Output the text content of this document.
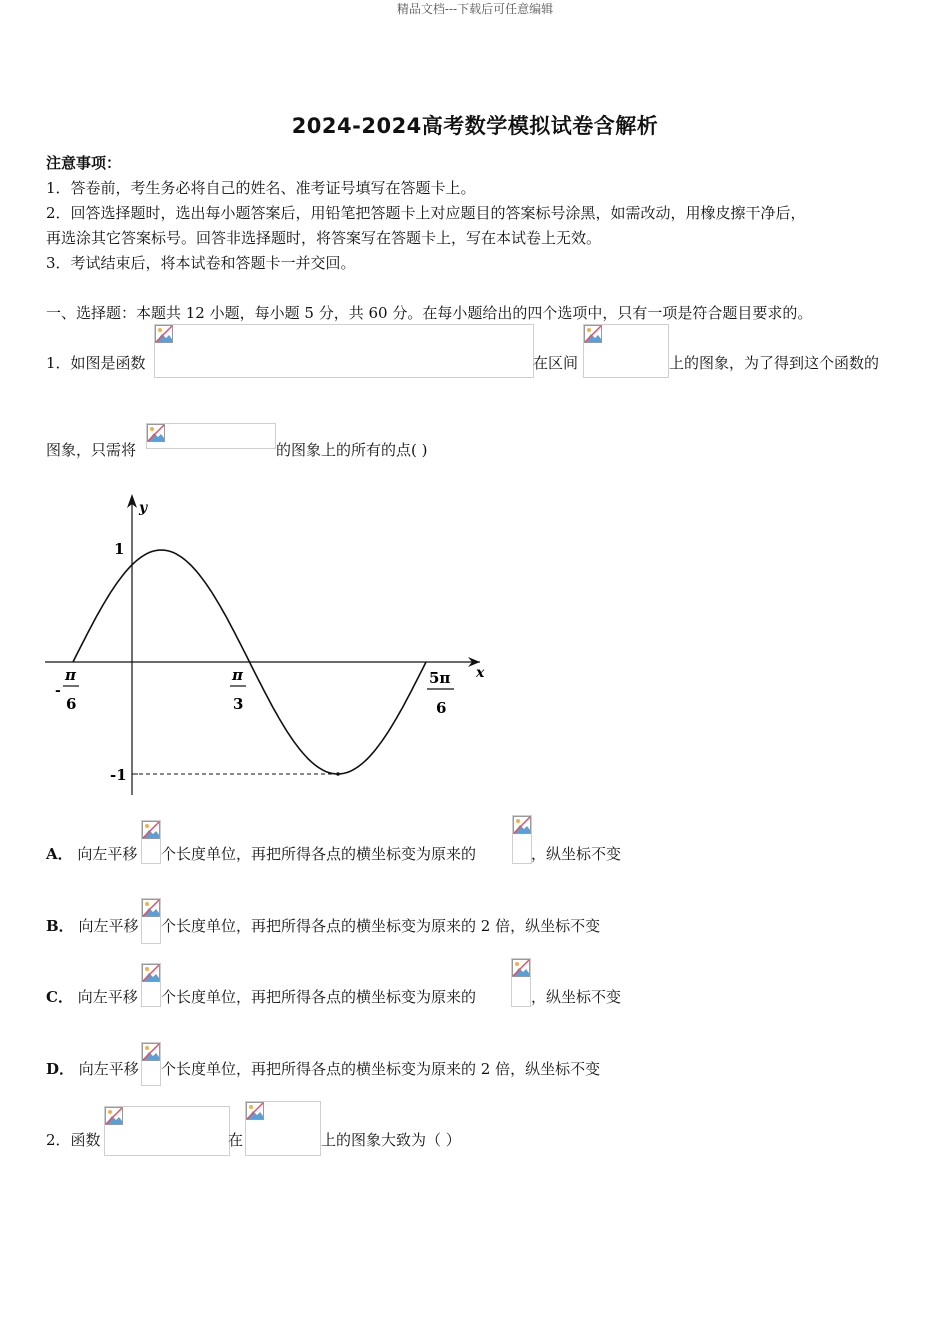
精品文档---下载后可任意编辑
2024-2024高考数学模拟试卷含解析
注意事项：
1．答卷前，考生务必将自己的姓名、准考证号填写在答题卡上。
2．回答选择题时，选出每小题答案后，用铅笔把答题卡上对应题目的答案标号涂黑，如需改动，用橡皮擦干净后，
再选涂其它答案标号。回答非选择题时，将答案写在答题卡上，写在本试卷上无效。
3．考试结束后，将本试卷和答题卡一并交回。
一、选择题：本题共 12 小题，每小题 5 分，共 60 分。在每小题给出的四个选项中，只有一项是符合题目要求的。
1．如图是函数	在区间	上的图象，为了得到这个函数的
图象，只需将	的图象上的所有的点( )
y
x
1
-1
-
π
6
π
3
5π
6
A． 向左平移 个长度单位，再把所得各点的横坐标变为原来的	，纵坐标不变
B． 向左平移 个长度单位，再把所得各点的横坐标变为原来的 2 倍，纵坐标不变
C． 向左平移 个长度单位，再把所得各点的横坐标变为原来的	，纵坐标不变
D． 向左平移 个长度单位，再把所得各点的横坐标变为原来的 2 倍，纵坐标不变
2．函数	在	上的图象大致为（ ）
